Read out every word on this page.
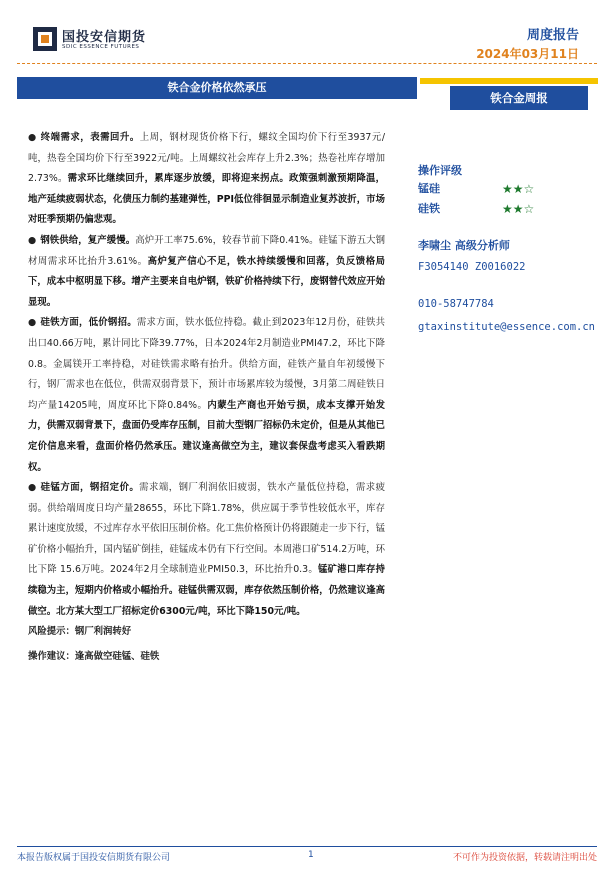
国投安信期货
SDIC ESSENCE FUTURES
周度报告
2024年03月11日
铁合金价格依然承压
铁合金周报

● 终端需求，表需回升。上周，钢材现货价格下行，螺纹全国均价下行至3937元/吨，热卷全国均价下行至3922元/吨。上周螺纹社会库存上升2.3%；热卷社库存增加2.73%。需求环比继续回升，累库逐步放缓，即将迎来拐点。政策强刺激预期降温，地产延续疲弱状态，化债压力制约基建弹性，PPI低位徘徊显示制造业复苏波折，市场对旺季预期仍偏悲观。

● 钢铁供给，复产缓慢。高炉开工率75.6%，较春节前下降0.41%。硅锰下游五大钢材周需求环比抬升3.61%。高炉复产信心不足，铁水持续缓慢和回落，负反馈格局下，成本中枢明显下移。增产主要来自电炉钢，铁矿价格持续下行，废钢替代效应开始显现。

● 硅铁方面，低价钢招。需求方面，铁水低位持稳。截止到2023年12月份，硅铁共出口40.66万吨，累计同比下降39.77%，日本2024年2月制造业PMI47.2，环比下降0.8。金属镁开工率持稳，对硅铁需求略有抬升。供给方面，硅铁产量自年初缓慢下行，钢厂需求也在低位，供需双弱背景下，预计市场累库较为缓慢，3月第二周硅铁日均产量14205吨，周度环比下降0.84%。内蒙生产商也开始亏损，成本支撑开始发力，供需双弱背景下，盘面仍受库存压制，目前大型钢厂招标仍未定价，但是从其他已定价信息来看，盘面价格仍然承压。建议逢高做空为主，建议套保盘考虑买入看跌期权。

● 硅锰方面，钢招定价。需求端，钢厂利润依旧疲弱，铁水产量低位持稳，需求疲弱。供给端周度日均产量28655，环比下降1.78%，供应属于季节性较低水平，库存累计速度放缓，不过库存水平依旧压制价格。化工焦价格预计仍将跟随走一步下行，锰矿价格小幅抬升，国内锰矿倒挂，硅锰成本仍有下行空间。本周港口矿514.2万吨，环比下降 15.6万吨。2024年2月全球制造业PMI50.3，环比抬升0.3。锰矿港口库存持续稳为主，短期内价格或小幅抬升。硅锰供需双弱，库存依然压制价格，仍然建议逢高做空。北方某大型工厂招标定价6300元/吨，环比下降150元/吨。

风险提示：钢厂利润转好

操作建议：逢高做空硅锰、硅铁

操作评级
锰硅	★★☆
硅铁	★★☆
李啸尘 高级分析师
F3054140 Z0016022
010-58747784
gtaxinstitute@essence.com.cn
本报告版权属于国投安信期货有限公司	1	不可作为投资依据，转载请注明出处
